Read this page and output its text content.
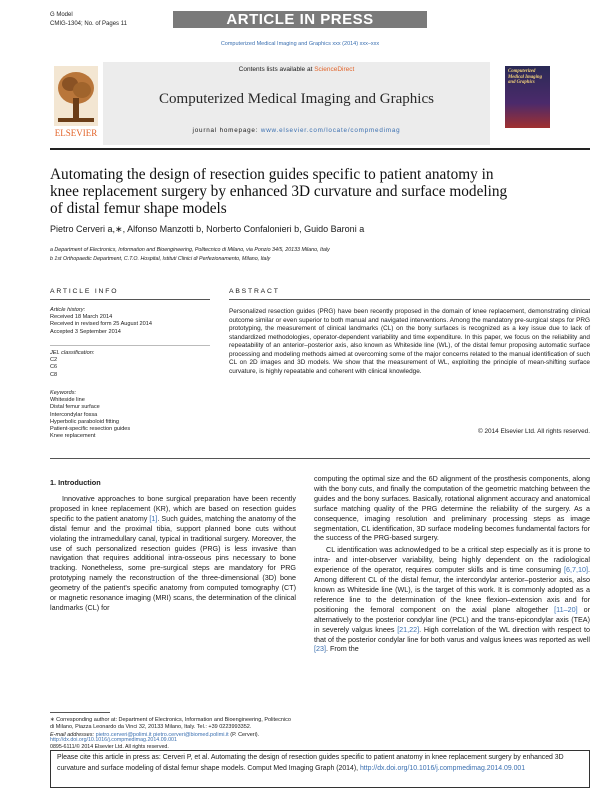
G Model
CMIG-1304; No. of Pages 11	ARTICLE IN PRESS
Computerized Medical Imaging and Graphics xxx (2014) xxx–xxx
ELSEVIER
Contents lists available at ScienceDirect
Computerized Medical Imaging and Graphics
journal homepage: www.elsevier.com/locate/compmedimag
Computerized Medical Imaging and Graphics
Automating the design of resection guides specific to patient anatomy in knee replacement surgery by enhanced 3D curvature and surface modeling of distal femur shape models
Pietro Cerveri a,∗, Alfonso Manzotti b, Norberto Confalonieri b, Guido Baroni a
a Department of Electronics, Information and Bioengineering, Politecnico di Milano, via Ponzio 34/5, 20133 Milano, Italy
b 1st Orthopaedic Department, C.T.O. Hospital, Istituti Clinici di Perfezionamento, Milano, Italy
ARTICLE INFO	ABSTRACT
Article history:
Received 18 March 2014
Received in revised form 25 August 2014
Accepted 3 September 2014
JEL classification:
C2
C6
C8
Keywords:
Whiteside line
Distal femur surface
Intercondylar fossa
Hyperbolic paraboloid fitting
Patient-specific resection guides
Knee replacement
Personalized resection guides (PRG) have been recently proposed in the domain of knee replacement, demonstrating clinical outcome similar or even superior to both manual and navigated interventions. Among the mandatory pre-surgical steps for PRG prototyping, the measurement of clinical landmarks (CL) on the bony surfaces is recognized as a key issue due to lack of standardized methodologies, operator-dependent variability and time expenditure. In this paper, we focus on the reliability and repeatability of an anterior–posterior axis, also known as Whiteside line (WL), of the distal femur proposing automatic surface processing and modeling methods aimed at overcoming some of the major concerns related to the manual identification of such CL on 2D images and 3D models. We show that the measurement of WL, exploiting the principle of mean-shifting surface curvature, is highly repeatable and coherent with clinical knowledge.
© 2014 Elsevier Ltd. All rights reserved.
1. Introduction

Innovative approaches to bone surgical preparation have been recently proposed in knee replacement (KR), which are based on resection guides specific to the patient anatomy [1]. Such guides, matching the anatomy of the distal femur and the proximal tibia, support planned bone cuts without violating the intramedullary canal, typical in traditional surgery. Moreover, the use of such personalized resection guides (PRG) is less invasive than navigation that requires additional intra-osseous pins necessary to bone tracking. Nonetheless, some pre-surgical steps are mandatory for PRG prototyping namely the reconstruction of the three-dimensional (3D) bone geometry of the patient's specific anatomy from computed tomography (CT) or magnetic resonance imaging (MRI) scans, the determination of the clinical landmarks (CL) for

computing the optimal size and the 6D alignment of the prosthesis components, along with the bony cuts, and finally the computation of the geometric matching between the guides and the bony surfaces. Basically, rotational alignment accuracy and anatomical surface matching quality of the PRG determine the reliability of the surgery. As a consequence, imaging resolution and preliminary processing steps as image segmentation, CL identification, 3D surface modeling becomes fundamental factors for the success of the PRG-based surgery.

CL identification was acknowledged to be a critical step especially as it is prone to intra- and inter-observer variability, being highly dependent on the radiological experience of the operator, requires computer skills and is time consuming [6,7,10]. Among different CL of the distal femur, the intercondylar anterior–posterior axis, also known as Whiteside line (WL), is the target of this work. It is commonly adopted as a reference line to the determination of the knee flexion–extension axis and for positioning the femoral component on the axial plane altogether [11–20] or alternatively to the posterior condylar line (PCL) and the trans-epicondylar axis (TEA) in severely valgus knees [21,22]. High correlation of the WL direction with respect to that of the posterior condylar line for both varus and valgus knees was reported as well [23]. From the

∗ Corresponding author at: Department of Electronics, Information and Bioengineering, Politecnico di Milano, Piazza Leonardo da Vinci 32, 20133 Milano, Italy. Tel.: +39 0223993352.
E-mail addresses: pietro.cerveri@polimi.it pietro.cerveri@biomed.polimi.it (P. Cerveri).
Please cite this article in press as: Cerveri P, et al. Automating the design of resection guides specific to patient anatomy in knee replacement surgery by enhanced 3D curvature and surface modeling of distal femur shape models. Comput Med Imaging Graph (2014), http://dx.doi.org/10.1016/j.compmedimag.2014.09.001
http://dx.doi.org/10.1016/j.compmedimag.2014.09.001
0895-6111/© 2014 Elsevier Ltd. All rights reserved.
